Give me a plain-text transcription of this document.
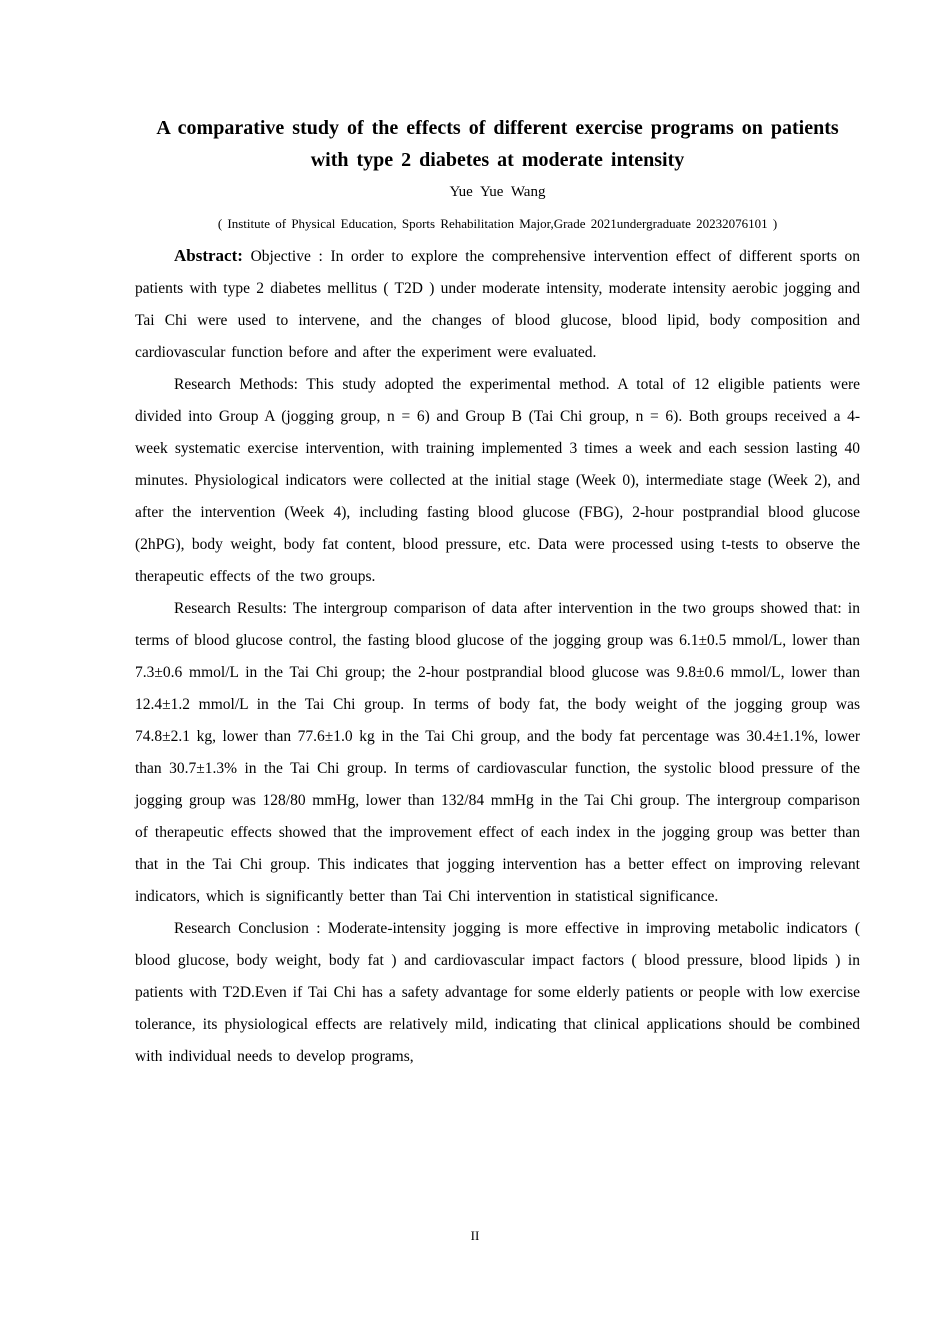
A comparative study of the effects of different exercise programs on patients with type 2 diabetes at moderate intensity
Yue Yue Wang
( Institute of Physical Education, Sports Rehabilitation Major,Grade 2021undergraduate 20232076101 )

Abstract: Objective : In order to explore the comprehensive intervention effect of different sports on patients with type 2 diabetes mellitus ( T2D ) under moderate intensity, moderate intensity aerobic jogging and Tai Chi were used to intervene, and the changes of blood glucose, blood lipid, body composition and cardiovascular function before and after the experiment were evaluated.

Research Methods: This study adopted the experimental method. A total of 12 eligible patients were divided into Group A (jogging group, n = 6) and Group B (Tai Chi group, n = 6). Both groups received a 4-week systematic exercise intervention, with training implemented 3 times a week and each session lasting 40 minutes. Physiological indicators were collected at the initial stage (Week 0), intermediate stage (Week 2), and after the intervention (Week 4), including fasting blood glucose (FBG), 2-hour postprandial blood glucose (2hPG), body weight, body fat content, blood pressure, etc. Data were processed using t-tests to observe the therapeutic effects of the two groups.

Research Results: The intergroup comparison of data after intervention in the two groups showed that: in terms of blood glucose control, the fasting blood glucose of the jogging group was 6.1±0.5 mmol/L, lower than 7.3±0.6 mmol/L in the Tai Chi group; the 2-hour postprandial blood glucose was 9.8±0.6 mmol/L, lower than 12.4±1.2 mmol/L in the Tai Chi group. In terms of body fat, the body weight of the jogging group was 74.8±2.1 kg, lower than 77.6±1.0 kg in the Tai Chi group, and the body fat percentage was 30.4±1.1%, lower than 30.7±1.3% in the Tai Chi group. In terms of cardiovascular function, the systolic blood pressure of the jogging group was 128/80 mmHg, lower than 132/84 mmHg in the Tai Chi group. The intergroup comparison of therapeutic effects showed that the improvement effect of each index in the jogging group was better than that in the Tai Chi group. This indicates that jogging intervention has a better effect on improving relevant indicators, which is significantly better than Tai Chi intervention in statistical significance.

Research Conclusion : Moderate-intensity jogging is more effective in improving metabolic indicators ( blood glucose, body weight, body fat ) and cardiovascular impact factors ( blood pressure, blood lipids ) in patients with T2D.Even if Tai Chi has a safety advantage for some elderly patients or people with low exercise tolerance, its physiological effects are relatively mild, indicating that clinical applications should be combined with individual needs to develop programs,

II
